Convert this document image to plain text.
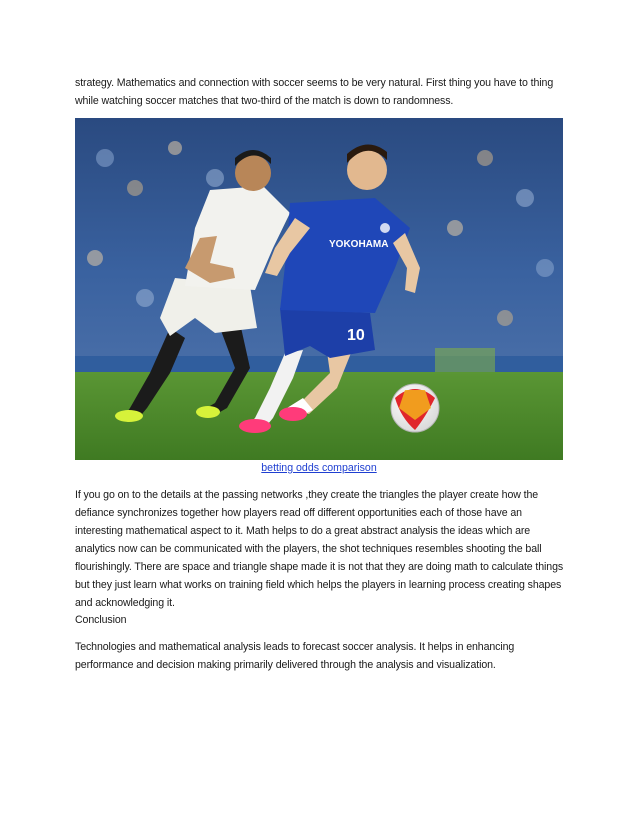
strategy. Mathematics and connection with soccer seems to be very natural. First thing you have to thing while watching soccer matches that two-third of the match is down to randomness.

10
YOKOHAMA
betting odds comparison

If you go on to the details at the passing networks ,they create the triangles the player create how the defiance synchronizes together how players read off different opportunities each of those have an interesting mathematical aspect to it. Math helps to do a great abstract analysis the ideas which are analytics now can be communicated with the players, the shot techniques resembles shooting the ball flourishingly. There are space and triangle shape made it is not that they are doing math to calculate things but they just learn what works on training field which helps the players in learning process creating shapes and acknowledging it.

Conclusion

Technologies and mathematical analysis leads to forecast soccer analysis. It helps in enhancing performance and decision making primarily delivered through the analysis and visualization.
